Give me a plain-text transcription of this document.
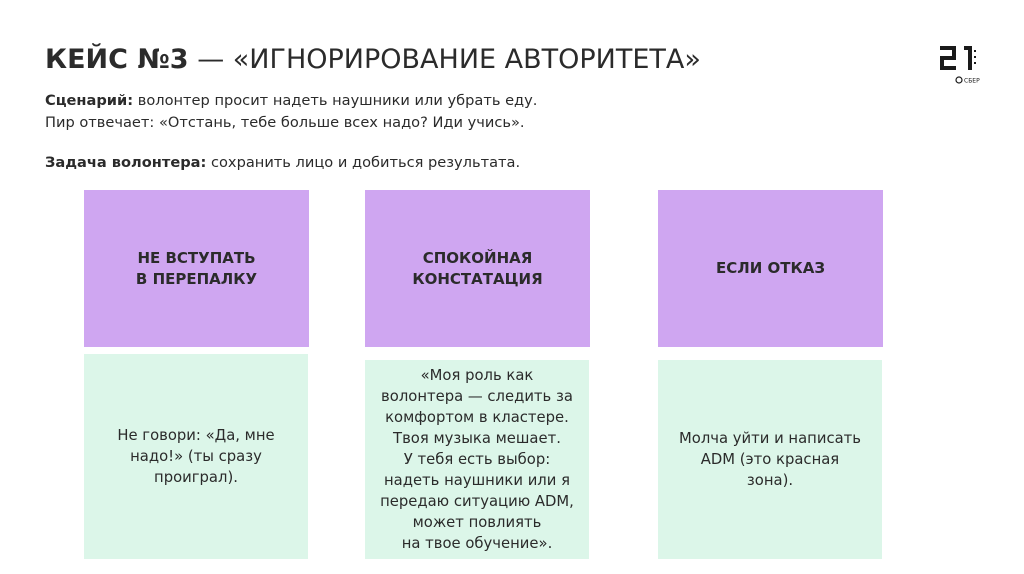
КЕЙС №3 — «ИГНОРИРОВАНИЕ АВТОРИТЕТА»
СБЕР
Сценарий: волонтер просит надеть наушники или убрать еду.
Пир отвечает: «Отстань, тебе больше всех надо? Иди учись».
Задача волонтера: сохранить лицо и добиться результата.
НЕ ВСТУПАТЬ
В ПЕРЕПАЛКУ
СПОКОЙНАЯ
КОНСТАТАЦИЯ
ЕСЛИ ОТКАЗ
Не говори: «Да, мне
надо!» (ты сразу
проиграл).
«Моя роль как
волонтера — следить за
комфортом в кластере.
Твоя музыка мешает.
У тебя есть выбор:
надеть наушники или я
передаю ситуацию ADM,
может повлиять
на твое обучение».
Молча уйти и написать
ADM (это красная
зона).
